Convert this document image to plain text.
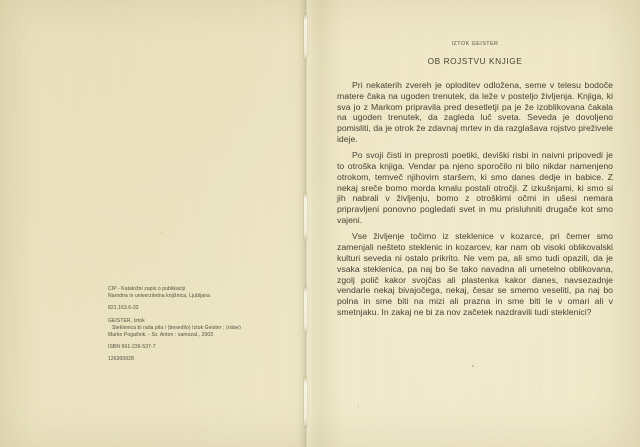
CIP - Kataložni zapis o publikaciji
Narodna in univerzitetna knjižnica, Ljubljana
821.163.6-32
GEISTER, Iztok
Steklenica bi rada pila / (besedilo) Iztok Geister ; (risbe)
Marko Pogačnik. - Sv. Anton : samozal., 2003
ISBN 961-236-537-7
126300928
IZTOK GEISTER
OB ROJSTVU KNJIGE

Pri nekaterih zvereh je oploditev odložena, seme v telesu bodoče matere čaka na ugoden trenutek, da leže v posteljo življenja. Knjiga, ki sva jo z Markom pripravila pred desetletji pa je že izoblikovana čakala na ugoden trenutek, da zagleda luč sveta. Seveda je dovoljeno pomisliti, da je otrok že zdavnaj mrtev in da razglašava rojstvo preživele ideje.

Po svoji čisti in preprosti poetiki, deviški risbi in naivni pripovedi je to otroška knjiga. Vendar pa njeno sporočilo ni bilo nikdar namenjeno otrokom, temveč njihovim staršem, ki smo danes dedje in babice. Z nekaj sreče bomo morda kmalu postali otročji. Z izkušnjami, ki smo si jih nabrali v življenju, bomo z otroškimi očmi in ušesi nemara pripravljeni ponovno pogledati svet in mu prisluhniti drugače kot smo vajeni.

Vse življenje točimo iz steklenice v kozarce, pri čemer smo zamenjali nešteto steklenic in kozarcev, kar nam ob visoki oblikovalski kulturi seveda ni ostalo prikrito. Ne vem pa, ali smo tudi opazili, da je vsaka steklenica, pa naj bo še tako navadna ali umetelno oblikovana, zgolj polič kakor svojčas ali plastenka kakor danes, navsezadnje vendarle nekaj bivajočega, nekaj, česar se smemo veseliti, pa naj bo polna in sme biti na mizi ali prazna in sme biti le v omari ali v smetnjaku. In zakaj ne bi za nov začetek nazdravili tudi steklenici?
